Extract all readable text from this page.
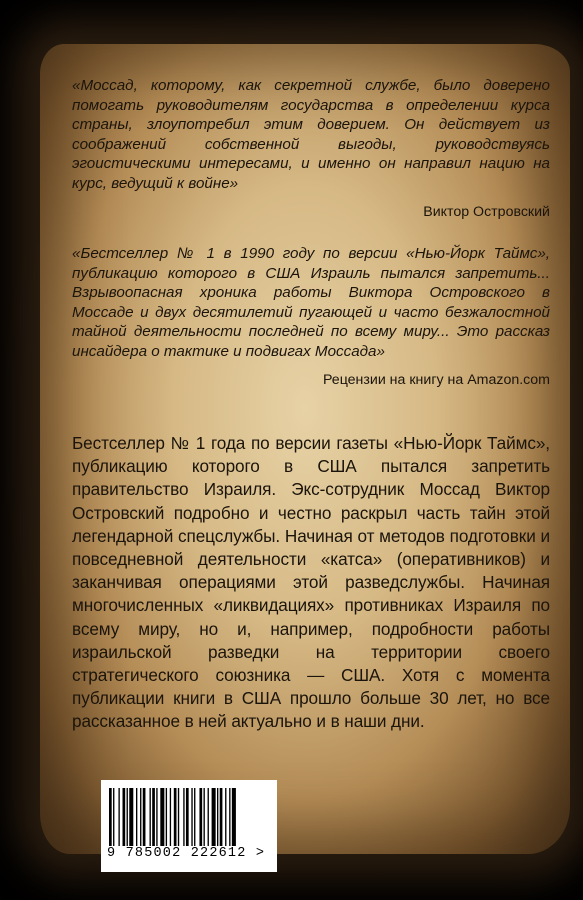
«Моссад, которому, как секретной службе, было доверено помогать руководителям государства в определении курса страны, злоупотребил этим доверием. Он действует из соображений собственной выгоды, руководствуясь эгоистическими интересами, и именно он направил нацию на курс, ведущий к войне»

Виктор Островский

«Бестселлер № 1 в 1990 году по версии «Нью-Йорк Таймс», публикацию которого в США Израиль пытался запретить... Взрывоопасная хроника работы Виктора Островского в Моссаде и двух десятилетий пугающей и часто безжалостной тайной деятельности последней по всему миру... Это рассказ инсайдера о тактике и подвигах Моссада»

Рецензии на книгу на Amazon.com

Бестселлер № 1 года по версии газеты «Нью-Йорк Таймс», публикацию которого в США пытался запретить правительство Израиля. Экс-сотрудник Моссад Виктор Островский подробно и честно раскрыл часть тайн этой легендарной спецслужбы. Начиная от методов подготовки и повседневной деятельности «катса» (оперативников) и заканчивая операциями этой разведслужбы. Начиная многочисленных «ликвидациях» противниках Израиля по всему миру, но и, например, подробности работы израильской разведки на территории своего стратегического союзника — США. Хотя с момента публикации книги в США прошло больше 30 лет, но все рассказанное в ней актуально и в наши дни.

9 785002 222612 >
